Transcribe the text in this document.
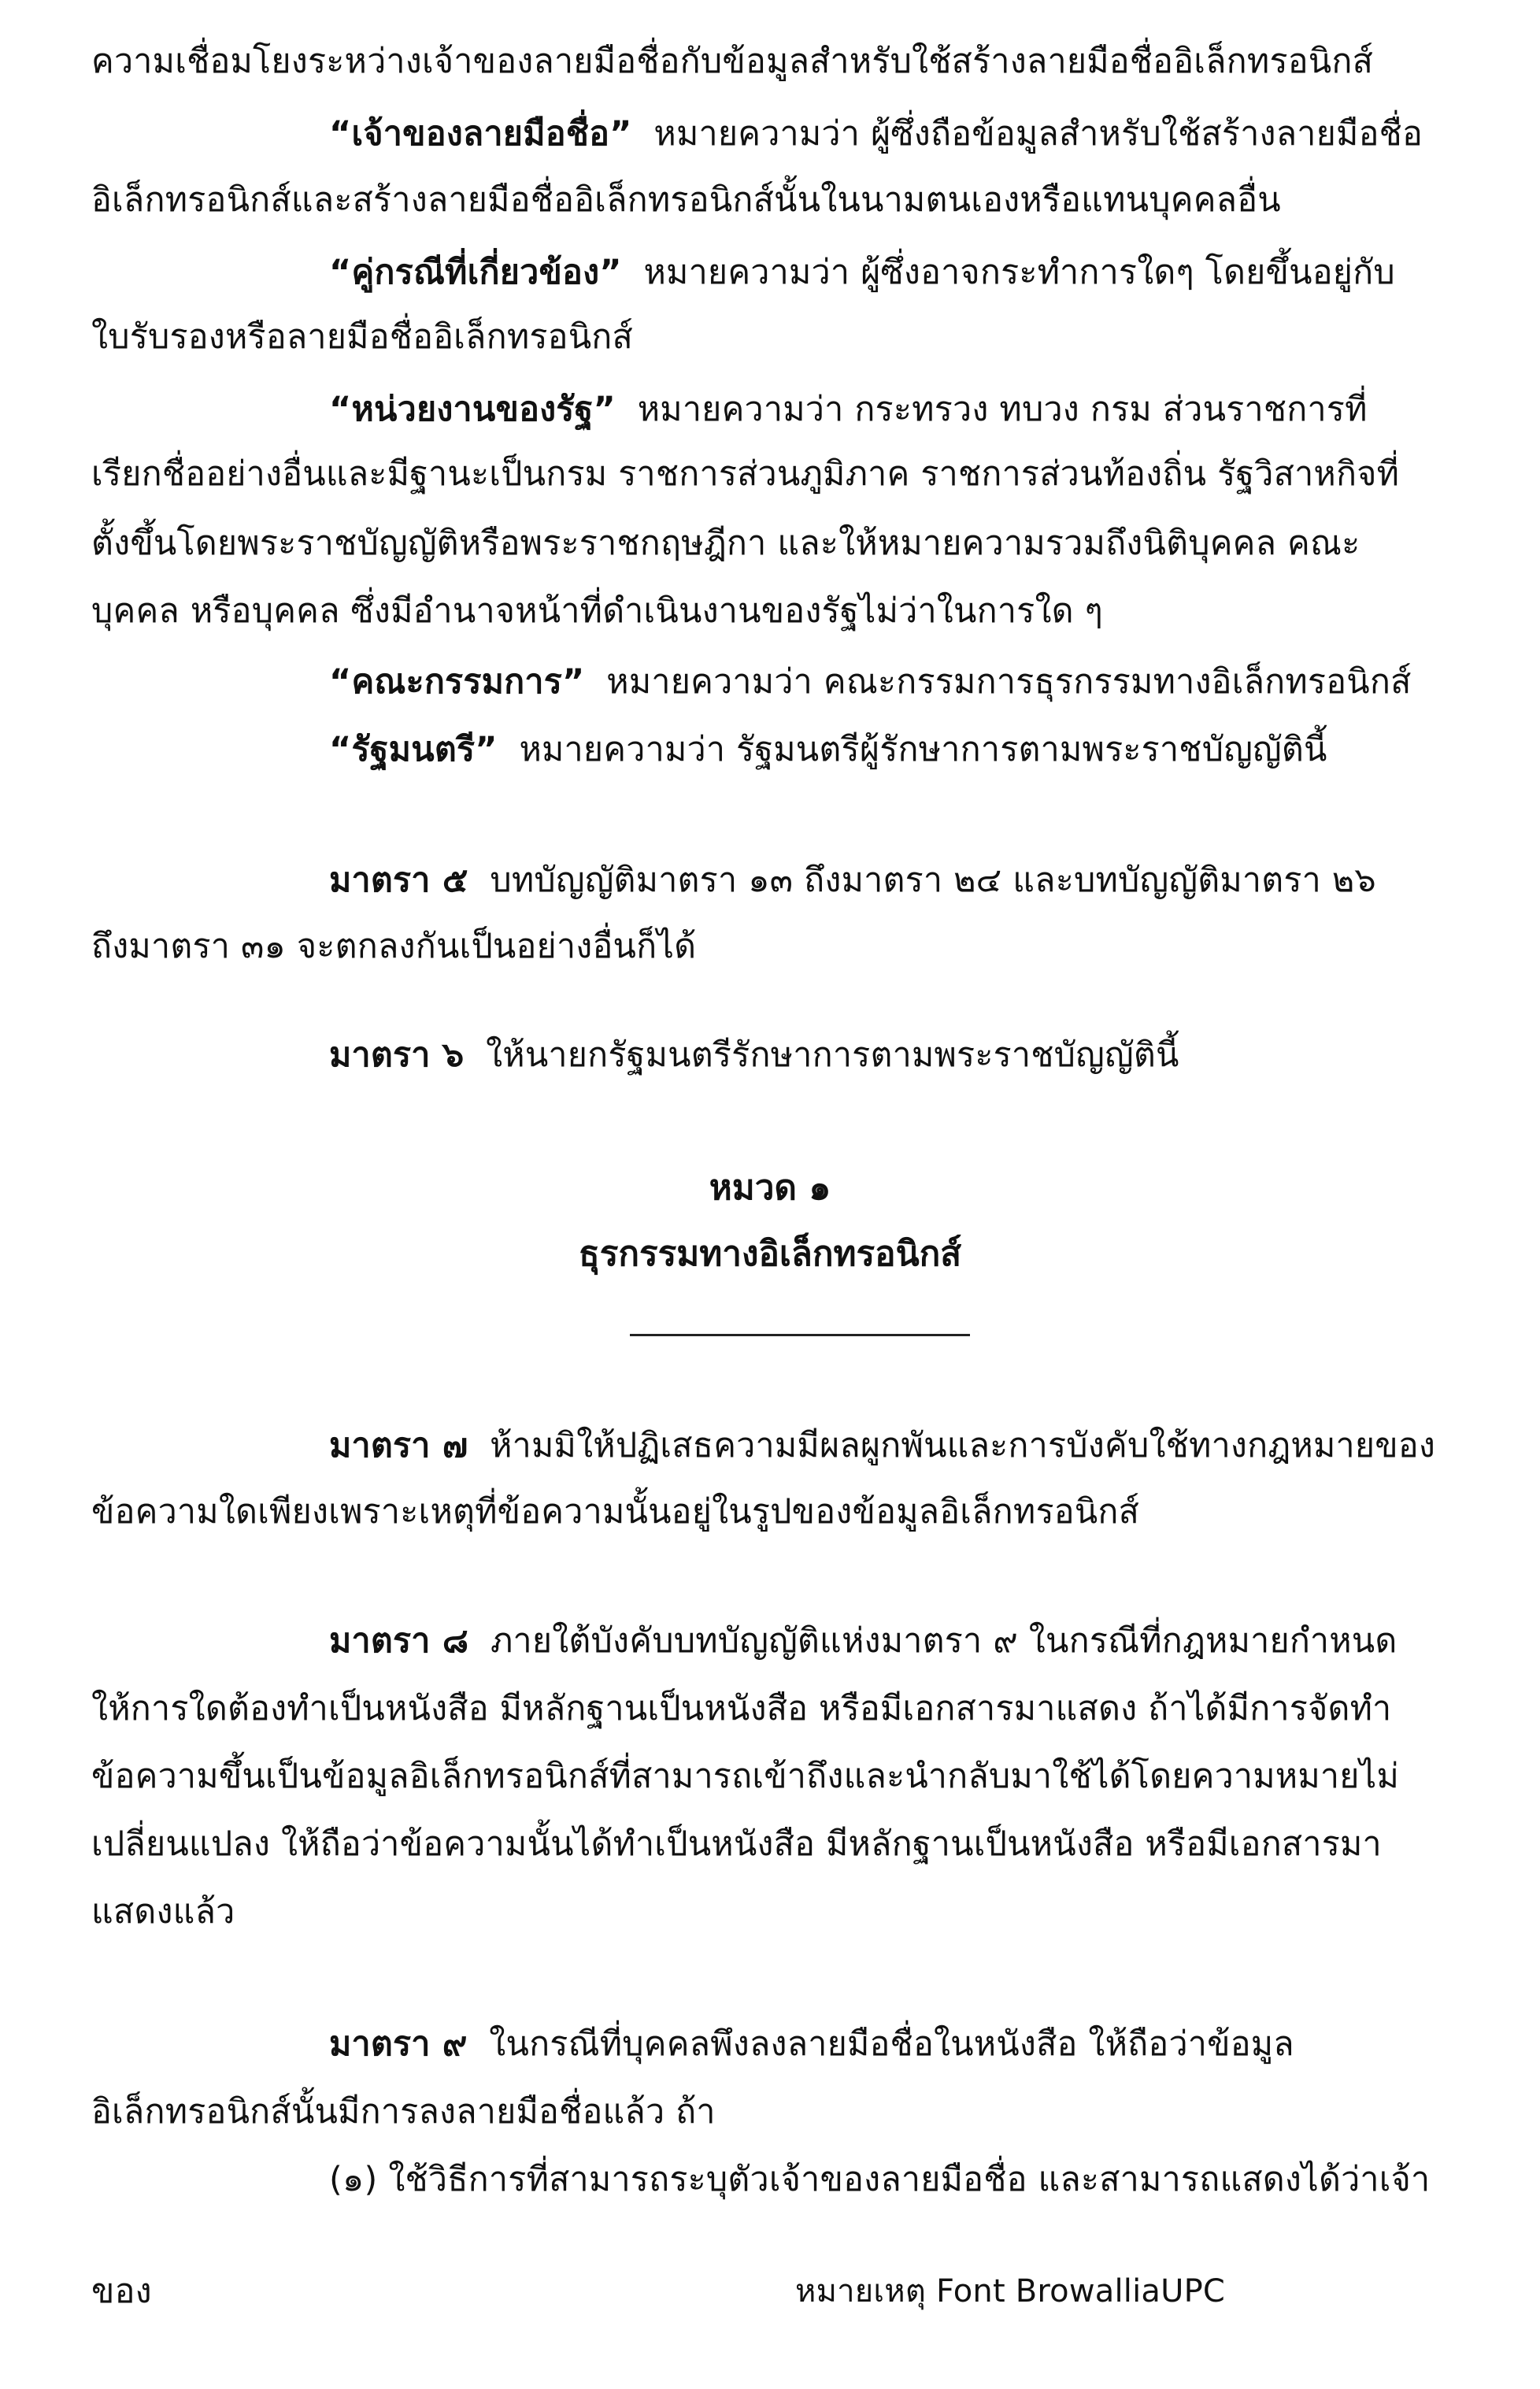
ความเชื่อมโยงระหว่างเจ้าของลายมือชื่อกับข้อมูลสำหรับใช้สร้างลายมือชื่ออิเล็กทรอนิกส์
“เจ้าของลายมือชื่อ” หมายความว่า ผู้ซึ่งถือข้อมูลสำหรับใช้สร้างลายมือชื่อ
อิเล็กทรอนิกส์และสร้างลายมือชื่ออิเล็กทรอนิกส์นั้นในนามตนเองหรือแทนบุคคลอื่น
“คู่กรณีที่เกี่ยวข้อง” หมายความว่า ผู้ซึ่งอาจกระทำการใดๆ โดยขึ้นอยู่กับ
ใบรับรองหรือลายมือชื่ออิเล็กทรอนิกส์
“หน่วยงานของรัฐ” หมายความว่า กระทรวง ทบวง กรม ส่วนราชการที่
เรียกชื่ออย่างอื่นและมีฐานะเป็นกรม ราชการส่วนภูมิภาค ราชการส่วนท้องถิ่น รัฐวิสาหกิจที่
ตั้งขึ้นโดยพระราชบัญญัติหรือพระราชกฤษฎีกา และให้หมายความรวมถึงนิติบุคคล คณะ
บุคคล หรือบุคคล ซึ่งมีอำนาจหน้าที่ดำเนินงานของรัฐไม่ว่าในการใด ๆ
“คณะกรรมการ” หมายความว่า คณะกรรมการธุรกรรมทางอิเล็กทรอนิกส์
“รัฐมนตรี” หมายความว่า รัฐมนตรีผู้รักษาการตามพระราชบัญญัตินี้
มาตรา ๕ บทบัญญัติมาตรา ๑๓ ถึงมาตรา ๒๔ และบทบัญญัติมาตรา ๒๖
ถึงมาตรา ๓๑ จะตกลงกันเป็นอย่างอื่นก็ได้
มาตรา ๖ ให้นายกรัฐมนตรีรักษาการตามพระราชบัญญัตินี้
หมวด ๑
ธุรกรรมทางอิเล็กทรอนิกส์
มาตรา ๗ ห้ามมิให้ปฏิเสธความมีผลผูกพันและการบังคับใช้ทางกฎหมายของ
ข้อความใดเพียงเพราะเหตุที่ข้อความนั้นอยู่ในรูปของข้อมูลอิเล็กทรอนิกส์
มาตรา ๘ ภายใต้บังคับบทบัญญัติแห่งมาตรา ๙ ในกรณีที่กฎหมายกำหนด
ให้การใดต้องทำเป็นหนังสือ มีหลักฐานเป็นหนังสือ หรือมีเอกสารมาแสดง ถ้าได้มีการจัดทำ
ข้อความขึ้นเป็นข้อมูลอิเล็กทรอนิกส์ที่สามารถเข้าถึงและนำกลับมาใช้ได้โดยความหมายไม่
เปลี่ยนแปลง ให้ถือว่าข้อความนั้นได้ทำเป็นหนังสือ มีหลักฐานเป็นหนังสือ หรือมีเอกสารมา
แสดงแล้ว
มาตรา ๙ ในกรณีที่บุคคลพึงลงลายมือชื่อในหนังสือ ให้ถือว่าข้อมูล
อิเล็กทรอนิกส์นั้นมีการลงลายมือชื่อแล้ว ถ้า
(๑) ใช้วิธีการที่สามารถระบุตัวเจ้าของลายมือชื่อ และสามารถแสดงได้ว่าเจ้า
ของ	หมายเหตุ Font BrowalliaUPC
